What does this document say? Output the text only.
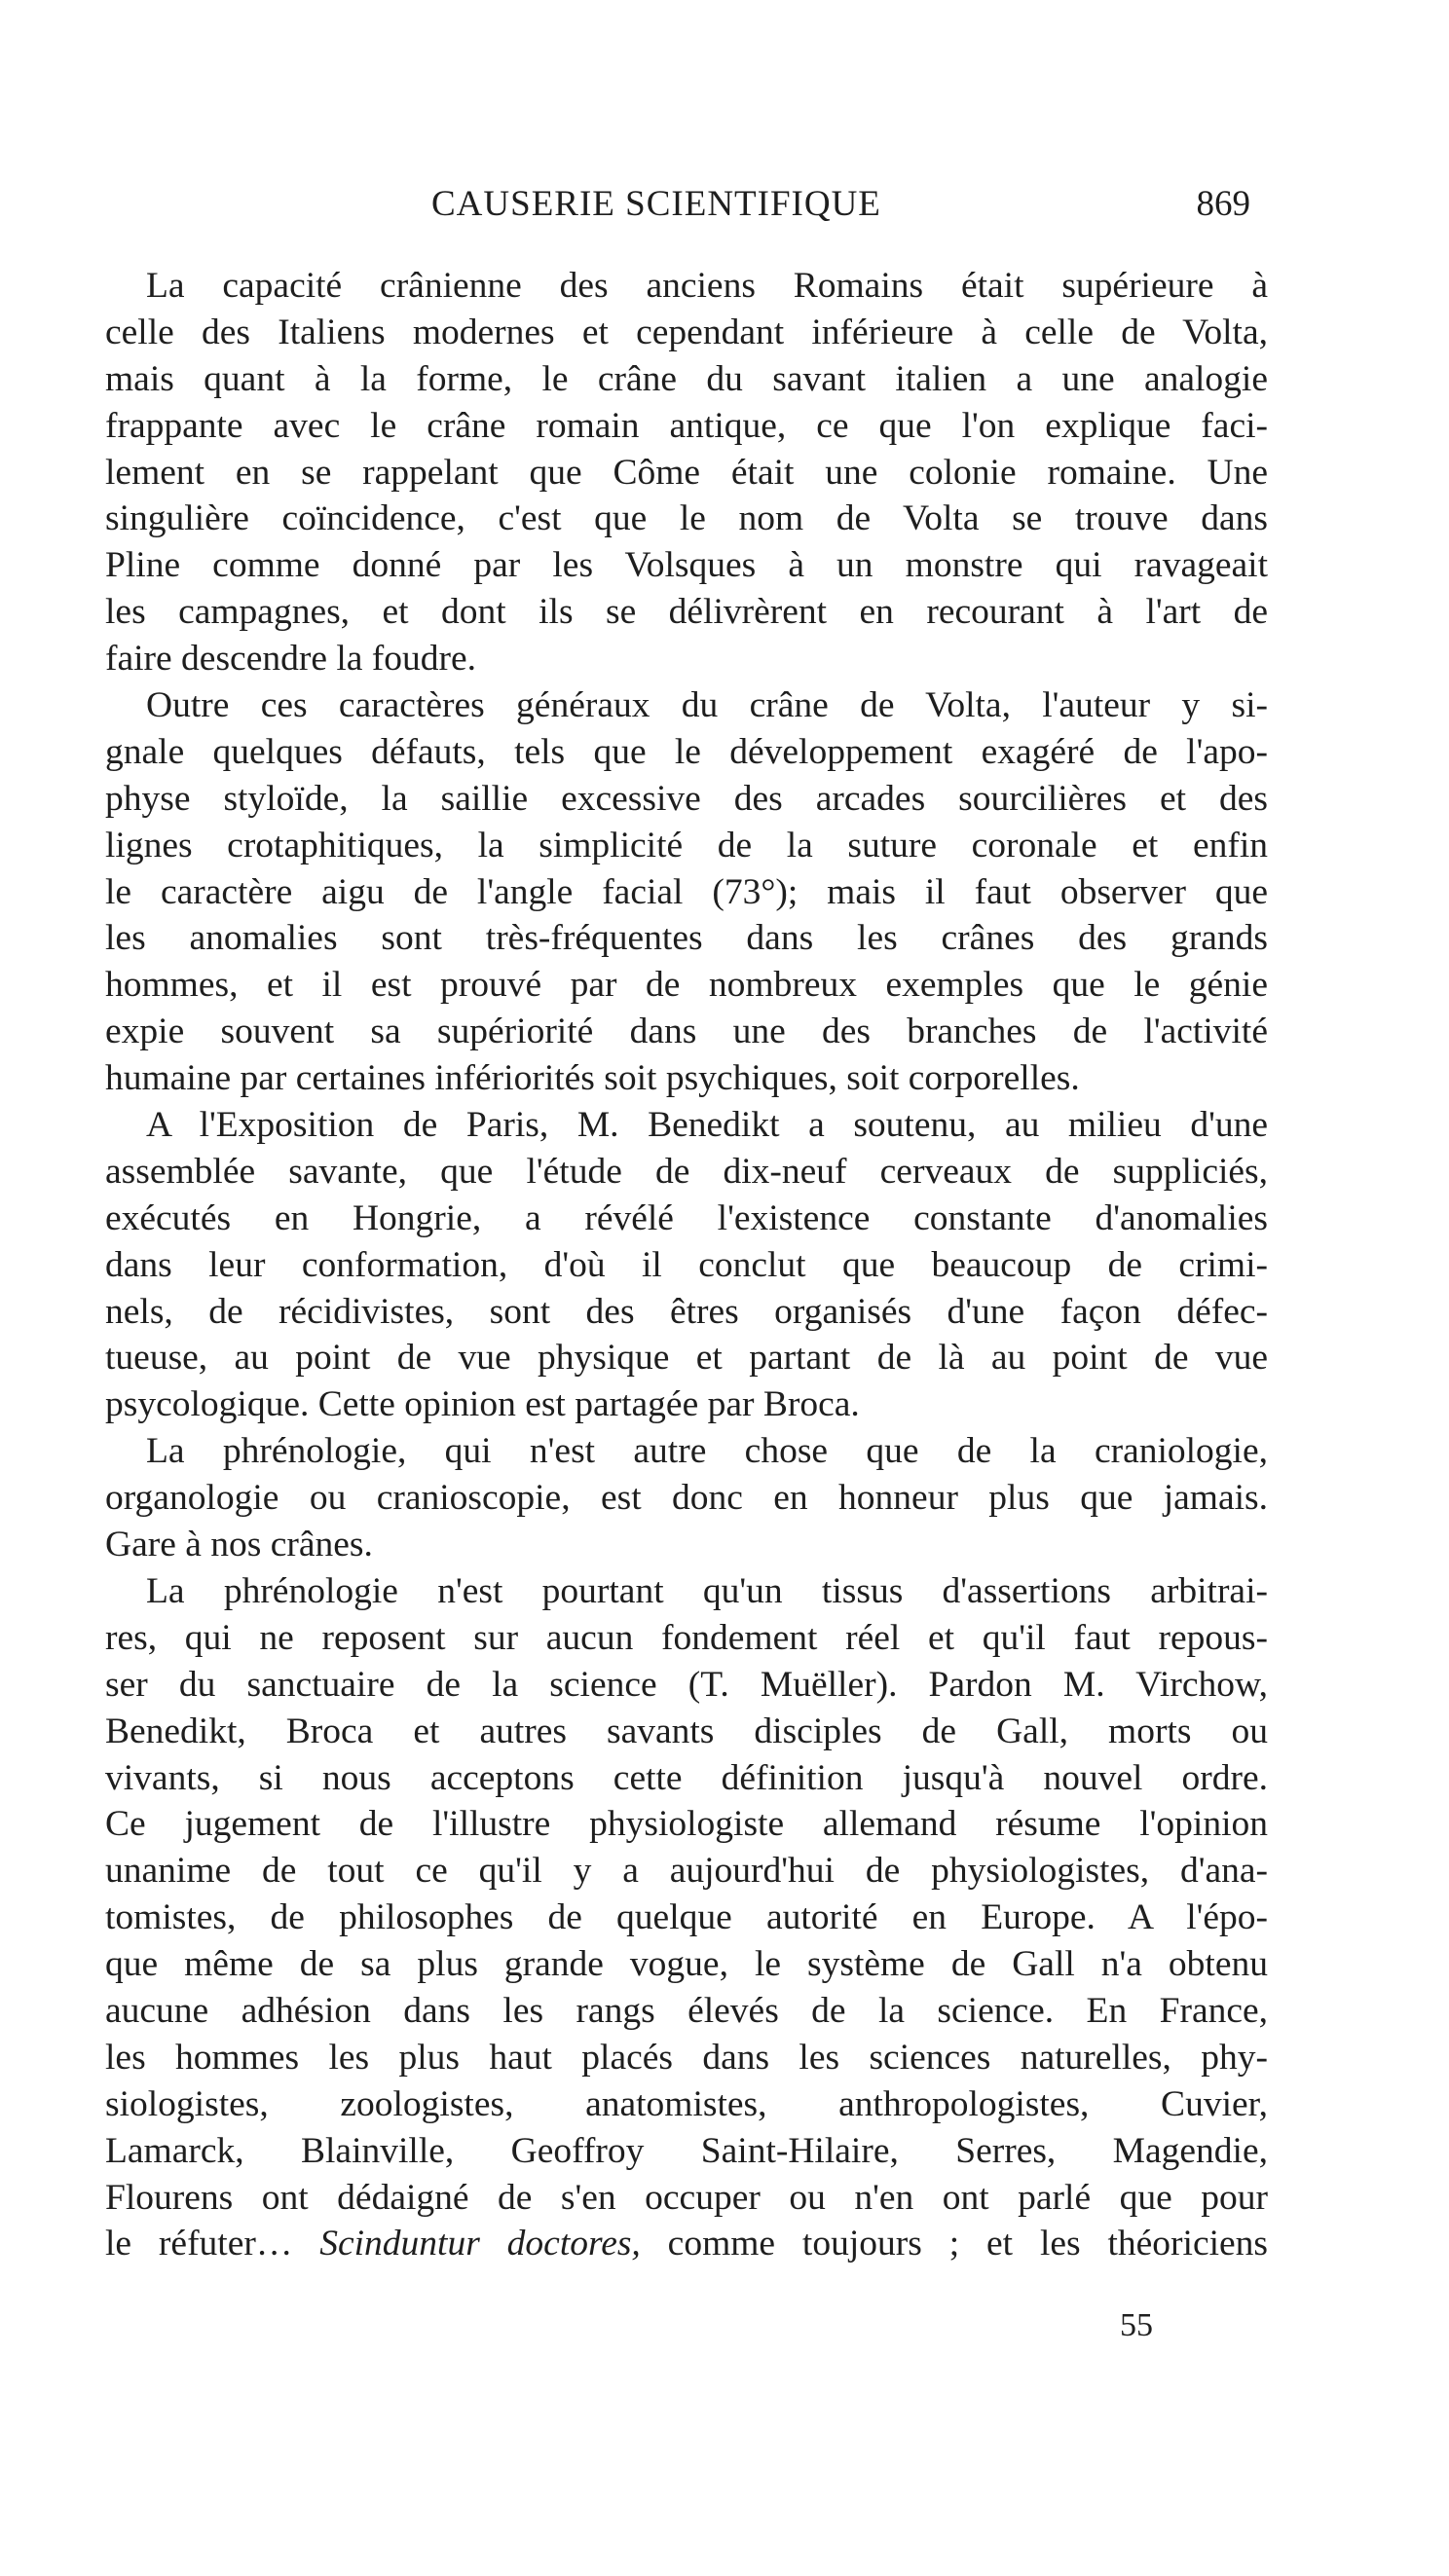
CAUSERIE SCIENTIFIQUE	869
La capacité crânienne des anciens Romains était supérieure à
celle des Italiens modernes et cependant inférieure à celle de Volta,
mais quant à la forme, le crâne du savant italien a une analogie
frappante avec le crâne romain antique, ce que l'on explique faci-
lement en se rappelant que Côme était une colonie romaine. Une
singulière coïncidence, c'est que le nom de Volta se trouve dans
Pline comme donné par les Volsques à un monstre qui ravageait
les campagnes, et dont ils se délivrèrent en recourant à l'art de
faire descendre la foudre.
Outre ces caractères généraux du crâne de Volta, l'auteur y si-
gnale quelques défauts, tels que le développement exagéré de l'apo-
physe styloïde, la saillie excessive des arcades sourcilières et des
lignes crotaphitiques, la simplicité de la suture coronale et enfin
le caractère aigu de l'angle facial (73°); mais il faut observer que
les anomalies sont très-fréquentes dans les crânes des grands
hommes, et il est prouvé par de nombreux exemples que le génie
expie souvent sa supériorité dans une des branches de l'activité
humaine par certaines infériorités soit psychiques, soit corporelles.
A l'Exposition de Paris, M. Benedikt a soutenu, au milieu d'une
assemblée savante, que l'étude de dix-neuf cerveaux de suppliciés,
exécutés en Hongrie, a révélé l'existence constante d'anomalies
dans leur conformation, d'où il conclut que beaucoup de crimi-
nels, de récidivistes, sont des êtres organisés d'une façon défec-
tueuse, au point de vue physique et partant de là au point de vue
psycologique. Cette opinion est partagée par Broca.
La phrénologie, qui n'est autre chose que de la craniologie,
organologie ou cranioscopie, est donc en honneur plus que jamais.
Gare à nos crânes.
La phrénologie n'est pourtant qu'un tissus d'assertions arbitrai-
res, qui ne reposent sur aucun fondement réel et qu'il faut repous-
ser du sanctuaire de la science (T. Muëller). Pardon M. Virchow,
Benedikt, Broca et autres savants disciples de Gall, morts ou
vivants, si nous acceptons cette définition jusqu'à nouvel ordre.
Ce jugement de l'illustre physiologiste allemand résume l'opinion
unanime de tout ce qu'il y a aujourd'hui de physiologistes, d'ana-
tomistes, de philosophes de quelque autorité en Europe. A l'épo-
que même de sa plus grande vogue, le système de Gall n'a obtenu
aucune adhésion dans les rangs élevés de la science. En France,
les hommes les plus haut placés dans les sciences naturelles, phy-
siologistes, zoologistes, anatomistes, anthropologistes, Cuvier,
Lamarck, Blainville, Geoffroy Saint-Hilaire, Serres, Magendie,
Flourens ont dédaigné de s'en occuper ou n'en ont parlé que pour
le réfuter… Scinduntur doctores, comme toujours ; et les théoriciens
55
